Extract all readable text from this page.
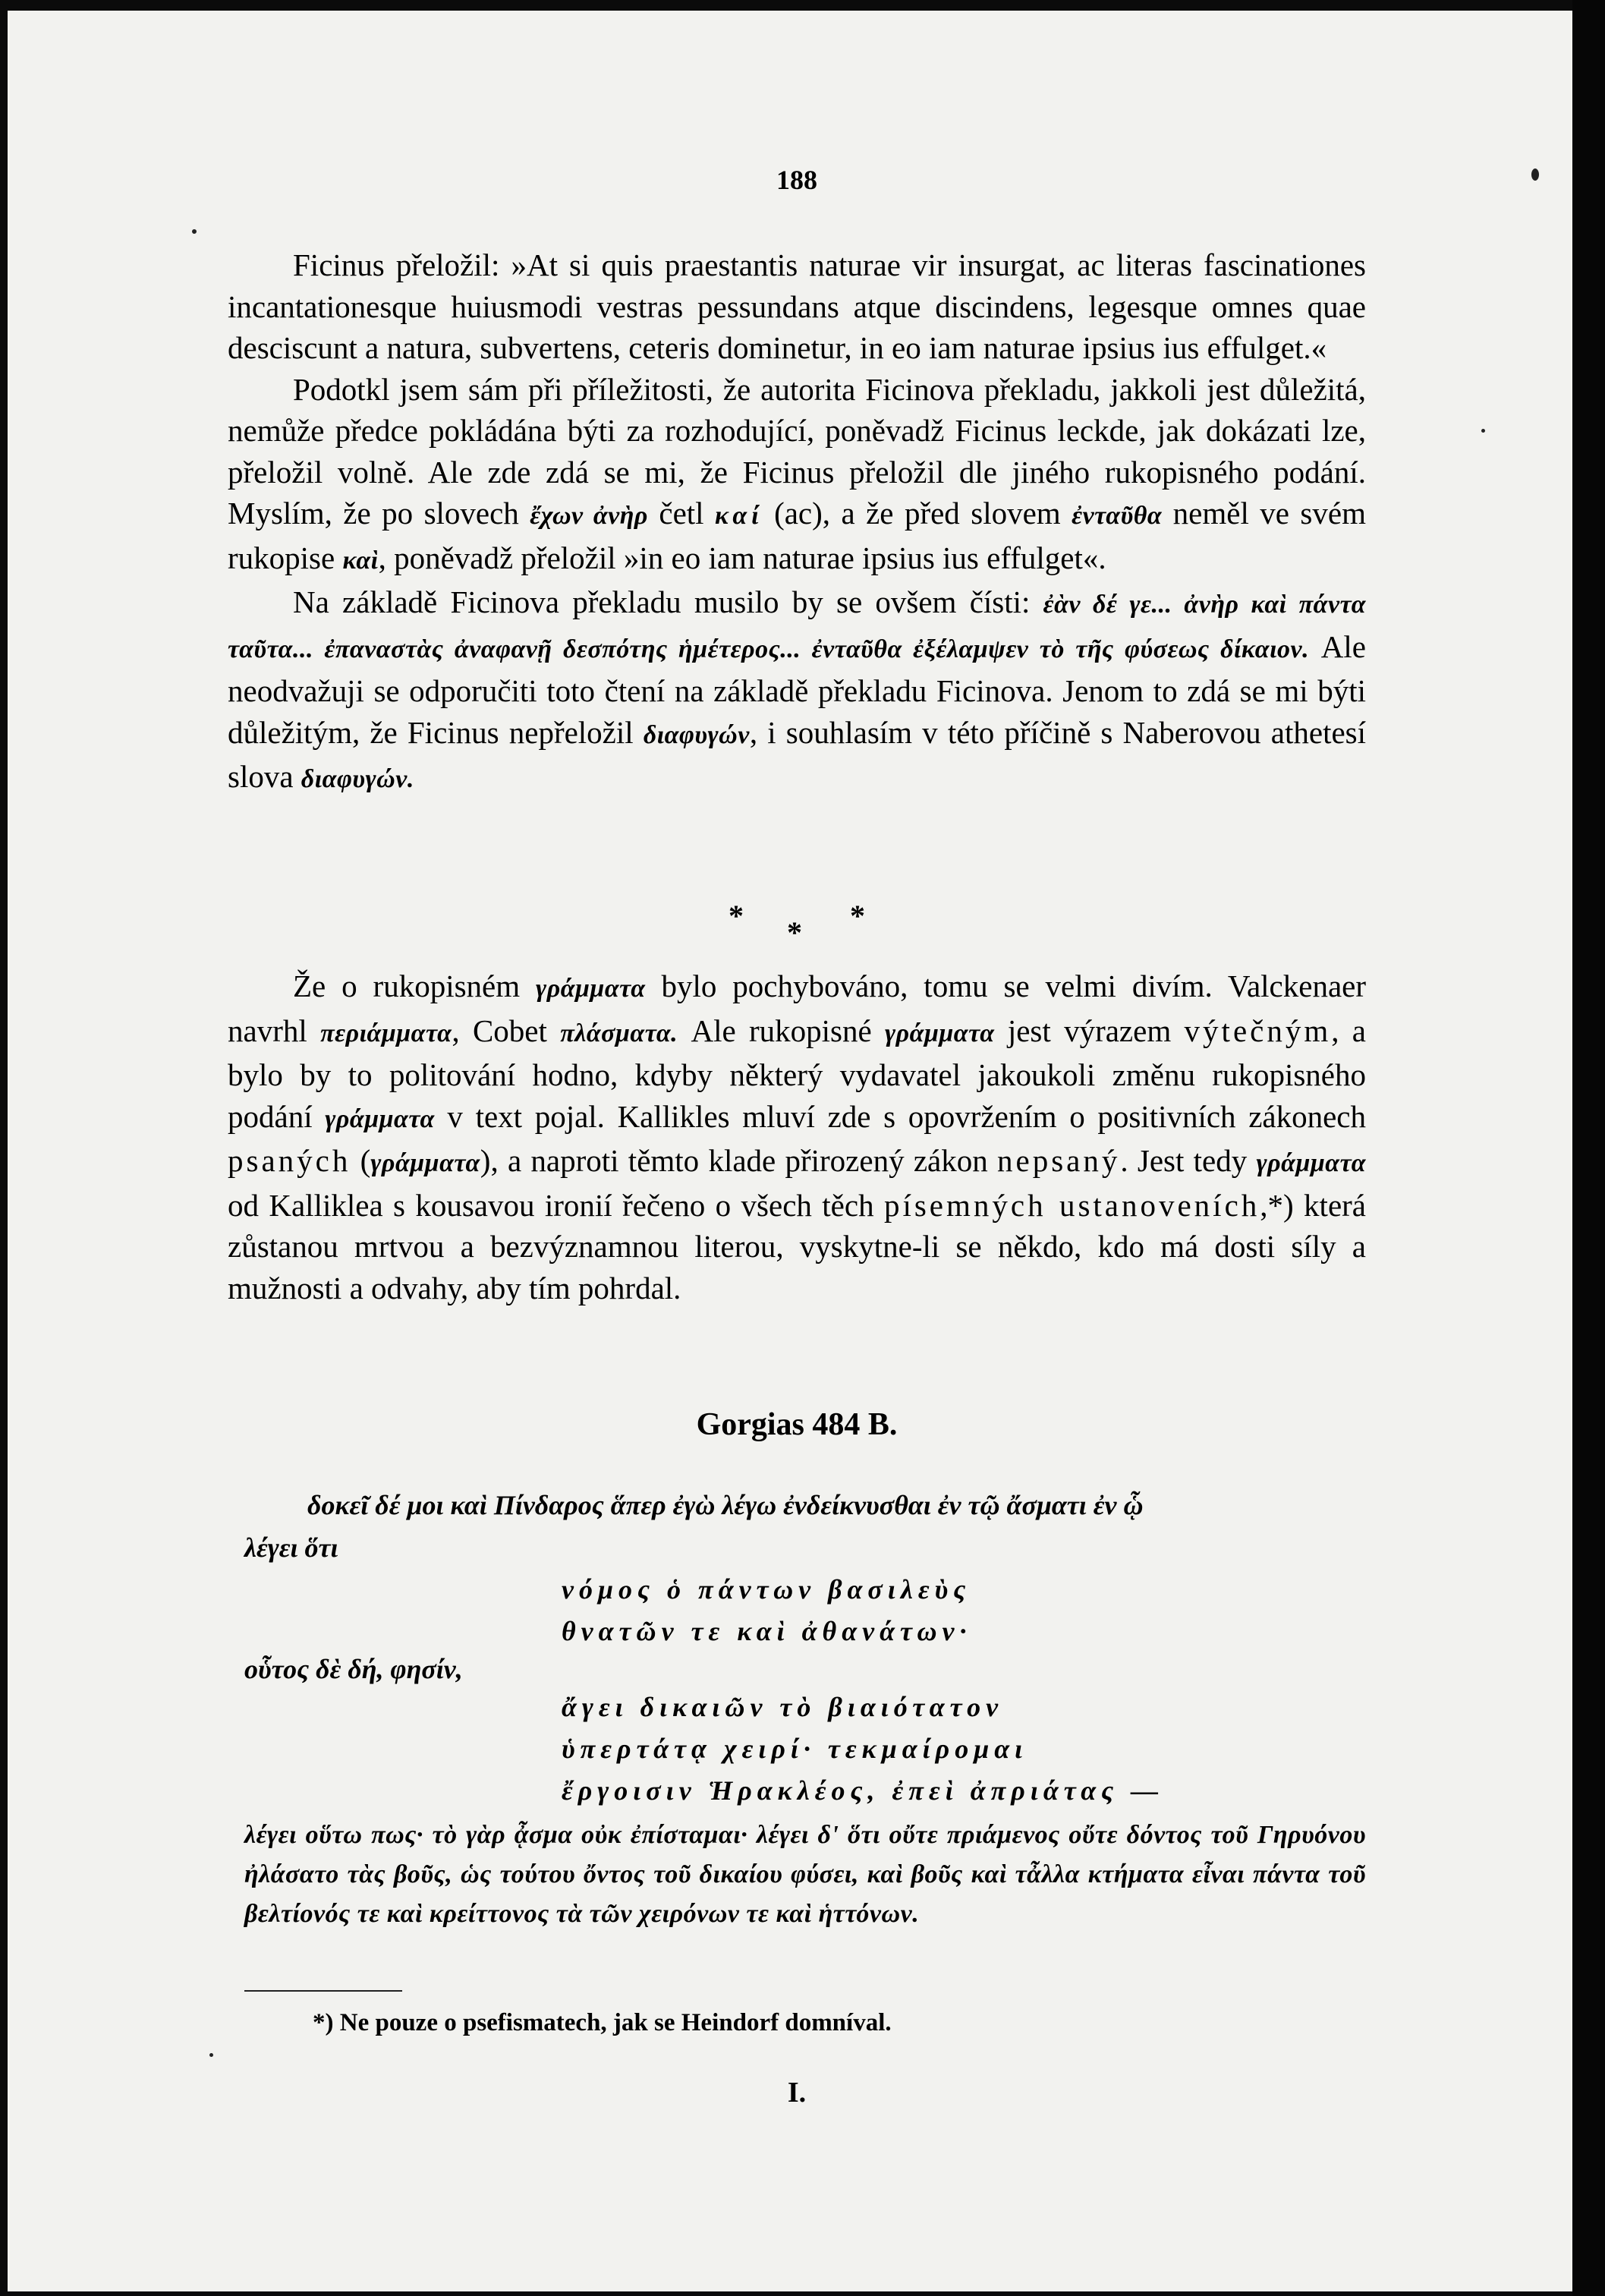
188

Ficinus přeložil: »At si quis praestantis naturae vir insurgat, ac literas fascinationes incantationesque huiusmodi vestras pessundans atque discindens, legesque omnes quae desciscunt a natura, subvertens, ceteris dominetur, in eo iam naturae ipsius ius effulget.«

Podotkl jsem sám při příležitosti, že autorita Ficinova překladu, jakkoli jest důležitá, nemůže předce pokládána býti za rozhodující, poněvadž Ficinus leckde, jak dokázati lze, přeložil volně. Ale zde zdá se mi, že Ficinus přeložil dle jiného rukopisného podání. Myslím, že po slovech ἔχων ἀνὴρ četl καί (ac), a že před slovem ἐνταῦθα neměl ve svém rukopise καὶ, poněvadž přeložil »in eo iam naturae ipsius ius effulget«.

Na základě Ficinova překladu musilo by se ovšem čísti: ἐὰν δέ γε... ἀνὴρ καὶ πάντα ταῦτα... ἐπαναστὰς ἀναφανῇ δεσπότης ἡμέτερος... ἐνταῦθα ἐξέλαμψεν τὸ τῆς φύσεως δίκαιον. Ale neodvažuji se odporučiti toto čtení na základě překladu Ficinova. Jenom to zdá se mi býti důležitým, že Ficinus nepřeložil διαφυγών, i souhlasím v této příčině s Naberovou athetesí slova διαφυγών.

* * *

Že o rukopisném γράμματα bylo pochybováno, tomu se velmi divím. Valckenaer navrhl περιάμματα, Cobet πλάσματα. Ale rukopisné γράμματα jest výrazem výtečným, a bylo by to politování hodno, kdyby některý vydavatel jakoukoli změnu rukopisného podání γράμματα v text pojal. Kallikles mluví zde s opovržením o positivních zákonech psaných (γράμματα), a naproti těmto klade přirozený zákon nepsaný. Jest tedy γράμματα od Kalliklea s kousavou ironií řečeno o všech těch písemných ustanoveních,*) která zůstanou mrtvou a bezvýznamnou literou, vyskytne-li se někdo, kdo má dosti síly a mužnosti a odvahy, aby tím pohrdal.

Gorgias 484 B.
δοκεῖ δέ μοι καὶ Πίνδαρος ἅπερ ἐγὼ λέγω ἐνδείκνυσθαι ἐν τῷ ἄσματι ἐν ᾧ
λέγει ὅτι
νόμος ὁ πάντων βασιλεὺς
θνατῶν τε καὶ ἀθανάτων·
οὗτος δὲ δή, φησίν,
ἄγει δικαιῶν τὸ βιαιότατον
ὑπερτάτᾳ χειρί· τεκμαίρομαι
ἔργοισιν Ἡρακλέος, ἐπεὶ ἀπριάτας —

λέγει οὕτω πως· τὸ γὰρ ᾆσμα οὐκ ἐπίσταμαι· λέγει δ' ὅτι οὔτε πριάμενος οὔτε δόντος τοῦ Γηρυόνου ἠλάσατο τὰς βοῦς, ὡς τούτου ὄντος τοῦ δικαίου φύσει, καὶ βοῦς καὶ τἆλλα κτήματα εἶναι πάντα τοῦ βελτίονός τε καὶ κρείττονος τὰ τῶν χειρόνων τε καὶ ἡττόνων.

*) Ne pouze o psefismatech, jak se Heindorf domníval.
I.
